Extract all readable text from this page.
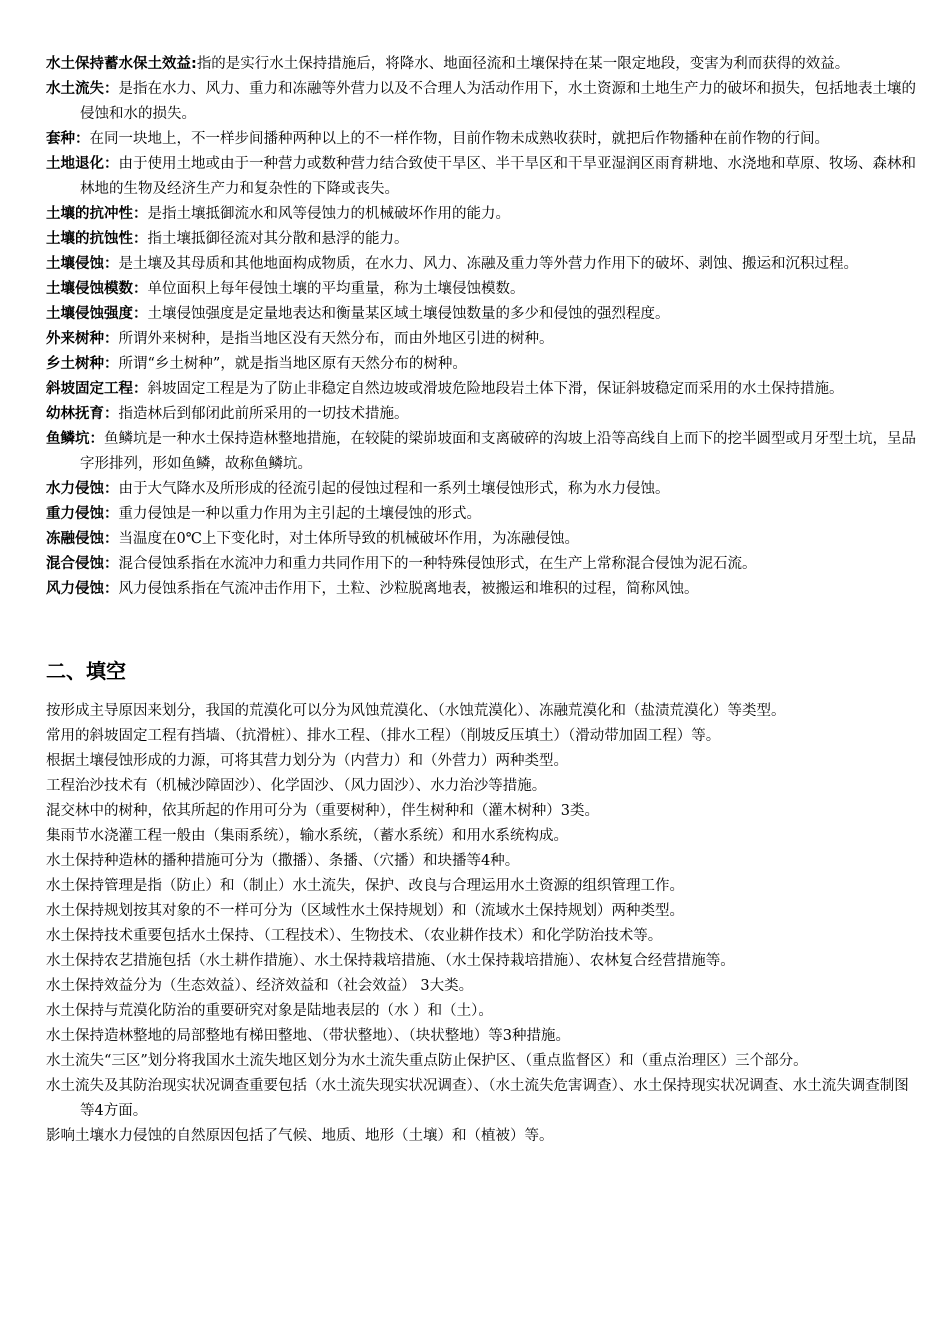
水土保持蓄水保土效益:指的是实行水土保持措施后，将降水、地面径流和土壤保持在某一限定地段，变害为利而获得的效益。

水土流失：是指在水力、风力、重力和冻融等外营力以及不合理人为活动作用下，水土资源和土地生产力的破坏和损失，包括地表土壤的侵蚀和水的损失。

套种：在同一块地上，不一样步间播种两种以上的不一样作物，目前作物未成熟收获时，就把后作物播种在前作物的行间。

土地退化：由于使用土地或由于一种营力或数种营力结合致使干旱区、半干旱区和干旱亚湿润区雨育耕地、水浇地和草原、牧场、森林和林地的生物及经济生产力和复杂性的下降或丧失。

土壤的抗冲性：是指土壤抵御流水和风等侵蚀力的机械破坏作用的能力。

土壤的抗蚀性：指土壤抵御径流对其分散和悬浮的能力。

土壤侵蚀：是土壤及其母质和其他地面构成物质，在水力、风力、冻融及重力等外营力作用下的破坏、剥蚀、搬运和沉积过程。

土壤侵蚀模数：单位面积上每年侵蚀土壤的平均重量，称为土壤侵蚀模数。

土壤侵蚀强度：土壤侵蚀强度是定量地表达和衡量某区域土壤侵蚀数量的多少和侵蚀的强烈程度。

外来树种：所谓外来树种，是指当地区没有天然分布，而由外地区引进的树种。

乡土树种：所谓“乡土树种”，就是指当地区原有天然分布的树种。

斜坡固定工程：斜坡固定工程是为了防止非稳定自然边坡或滑坡危险地段岩土体下滑，保证斜坡稳定而采用的水土保持措施。

幼林抚育：指造林后到郁闭此前所采用的一切技术措施。

鱼鳞坑：鱼鳞坑是一种水土保持造林整地措施，在较陡的梁峁坡面和支离破碎的沟坡上沿等高线自上而下的挖半圆型或月牙型土坑，呈品字形排列，形如鱼鳞，故称鱼鳞坑。

水力侵蚀：由于大气降水及所形成的径流引起的侵蚀过程和一系列土壤侵蚀形式，称为水力侵蚀。

重力侵蚀：重力侵蚀是一种以重力作用为主引起的土壤侵蚀的形式。

冻融侵蚀：当温度在0℃上下变化时，对土体所导致的机械破坏作用，为冻融侵蚀。

混合侵蚀：混合侵蚀系指在水流冲力和重力共同作用下的一种特殊侵蚀形式，在生产上常称混合侵蚀为泥石流。

风力侵蚀：风力侵蚀系指在气流冲击作用下，土粒、沙粒脱离地表，被搬运和堆积的过程，简称风蚀。

二、填空

按形成主导原因来划分，我国的荒漠化可以分为风蚀荒漠化、（水蚀荒漠化）、冻融荒漠化和（盐渍荒漠化）等类型。

常用的斜坡固定工程有挡墙、（抗滑桩）、排水工程、（排水工程）（削坡反压填土）（滑动带加固工程）等。

根据土壤侵蚀形成的力源，可将其营力划分为（内营力）和（外营力）两种类型。

工程治沙技术有（机械沙障固沙）、化学固沙、（风力固沙）、水力治沙等措施。

混交林中的树种，依其所起的作用可分为（重要树种），伴生树种和（灌木树种）3类。

集雨节水浇灌工程一般由（集雨系统），输水系统，（蓄水系统）和用水系统构成。

水土保持种造林的播种措施可分为（撒播）、条播、（穴播）和块播等4种。

水土保持管理是指（防止）和（制止）水土流失，保护、改良与合理运用水土资源的组织管理工作。

水土保持规划按其对象的不一样可分为（区域性水土保持规划）和（流域水土保持规划）两种类型。

水土保持技术重要包括水土保持、（工程技术）、生物技术、（农业耕作技术）和化学防治技术等。

水土保持农艺措施包括（水土耕作措施）、水土保持栽培措施、（水土保持栽培措施）、农林复合经营措施等。

水土保持效益分为（生态效益）、经济效益和（社会效益） 3大类。

水土保持与荒漠化防治的重要研究对象是陆地表层的（水 ）和（土）。

水土保持造林整地的局部整地有梯田整地、（带状整地）、（块状整地）等3种措施。

水土流失“三区”划分将我国水土流失地区划分为水土流失重点防止保护区、（重点监督区）和（重点治理区）三个部分。

水土流失及其防治现实状况调查重要包括（水土流失现实状况调查）、（水土流失危害调查）、水土保持现实状况调查、水土流失调查制图等4方面。

影响土壤水力侵蚀的自然原因包括了气候、地质、地形（土壤）和（植被）等。
